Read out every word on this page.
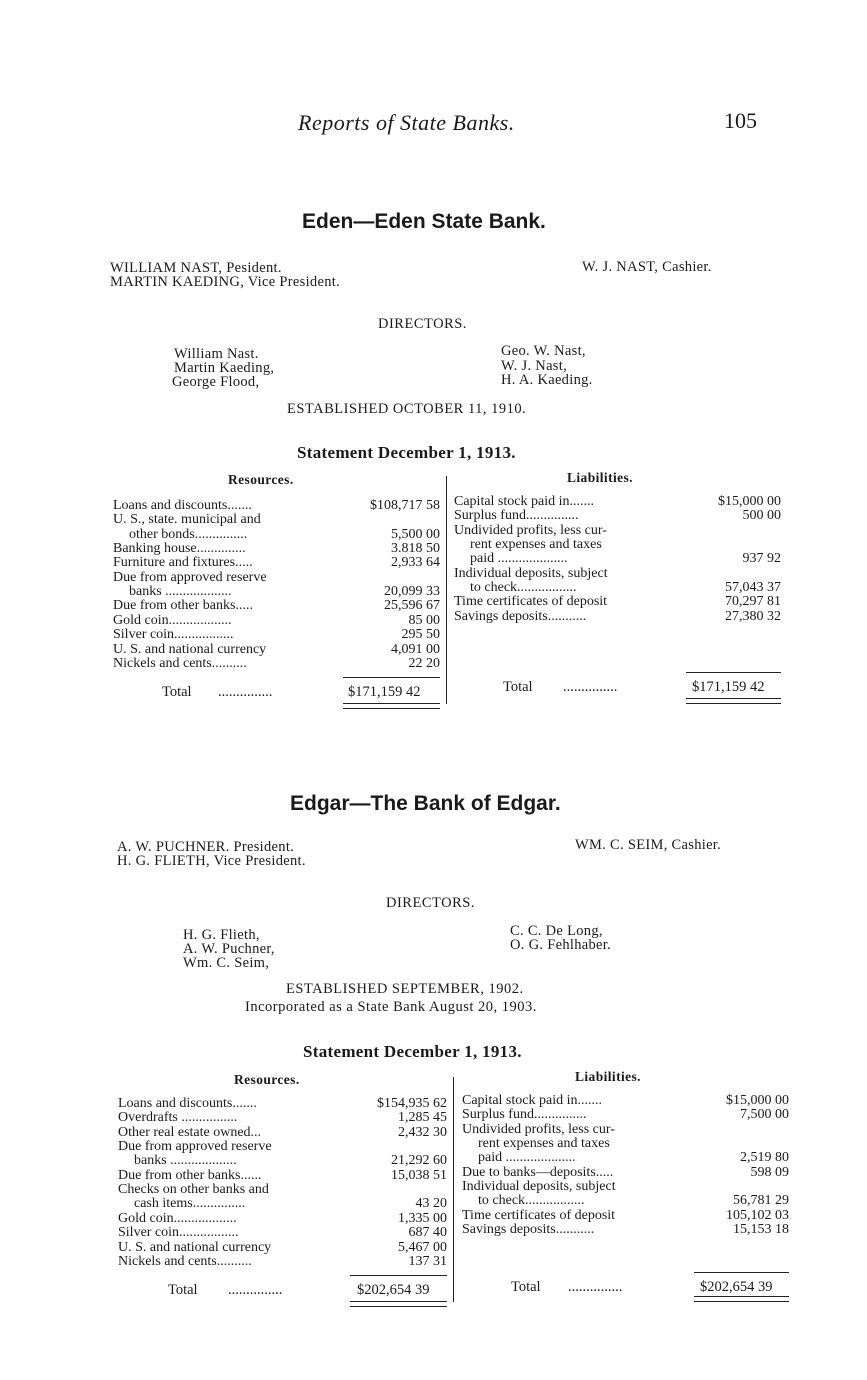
Reports of State Banks.	105
Eden—Eden State Bank.
WILLIAM NAST, Pesident.
MARTIN KAEDING, Vice President.
W. J. NAST, Cashier.
DIRECTORS.
William Nast.
Martin Kaeding,
George Flood,
Geo. W. Nast,
W. J. Nast,
H. A. Kaeding.
ESTABLISHED OCTOBER 11, 1910.
Statement December 1, 1913.
Resources.	Liabilities.
Loans and discounts.......	$108,717 58
U. S., state. municipal and
other bonds...............	5,500 00
Banking house..............	3.818 50
Furniture and fixtures.....	2,933 64
Due from approved reserve
banks ...................	20,099 33
Due from other banks.....	25,596 67
Gold coin..................	85 00
Silver coin.................	295 50
U. S. and national currency	4,091 00
Nickels and cents..........	22 20
Capital stock paid in.......	$15,000 00
Surplus fund...............	500 00
Undivided profits, less cur-
rent expenses and taxes
paid ....................	937 92
Individual deposits, subject
to check.................	57,043 37
Time certificates of deposit	70,297 81
Savings deposits...........	27,380 32
Total ...............	$171,159 42	Total ...............	$171,159 42
Edgar—The Bank of Edgar.
A. W. PUCHNER. President.
H. G. FLIETH, Vice President.
WM. C. SEIM, Cashier.
DIRECTORS.
H. G. Flieth,
A. W. Puchner,
Wm. C. Seim,
C. C. De Long,
O. G. Fehlhaber.
ESTABLISHED SEPTEMBER, 1902.
Incorporated as a State Bank August 20, 1903.
Statement December 1, 1913.
Resources.	Liabilities.
Loans and discounts.......	$154,935 62
Overdrafts ................	1,285 45
Other real estate owned...	2,432 30
Due from approved reserve
banks ...................	21,292 60
Due from other banks......	15,038 51
Checks on other banks and
cash items...............	43 20
Gold coin..................	1,335 00
Silver coin.................	687 40
U. S. and national currency	5,467 00
Nickels and cents..........	137 31
Capital stock paid in.......	$15,000 00
Surplus fund...............	7,500 00
Undivided profits, less cur-
rent expenses and taxes
paid ....................	2,519 80
Due to banks—deposits.....	598 09
Individual deposits, subject
to check.................	56,781 29
Time certificates of deposit	105,102 03
Savings deposits...........	15,153 18
Total ...............	$202,654 39	Total ...............	$202,654 39
